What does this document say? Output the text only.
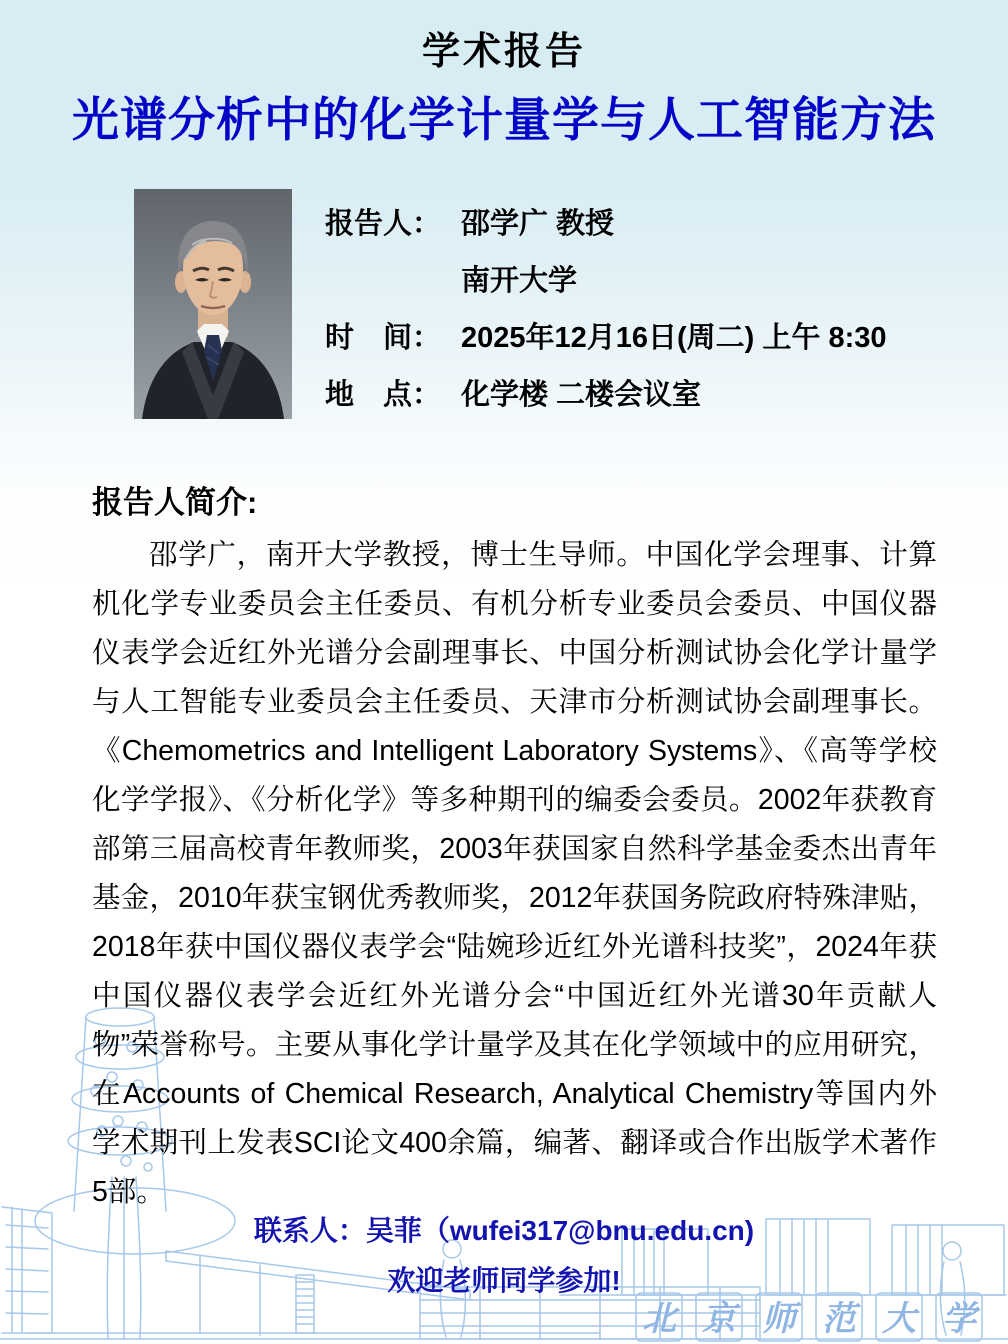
北 京 师 范 大 学
学术报告
光谱分析中的化学计量学与人工智能方法
报告人： 邵学广 教授
南开大学
时　间： 2025年12月16日(周二) 上午 8:30
地　点： 化学楼 二楼会议室
报告人简介:

邵学广，南开大学教授，博士生导师。中国化学会理事、计算机化学专业委员会主任委员、有机分析专业委员会委员、中国仪器仪表学会近红外光谱分会副理事长、中国分析测试协会化学计量学与人工智能专业委员会主任委员、天津市分析测试协会副理事长。《Chemometrics and Intelligent Laboratory Systems》、《高等学校化学学报》、《分析化学》等多种期刊的编委会委员。2002年获教育部第三届高校青年教师奖，2003年获国家自然科学基金委杰出青年基金，2010年获宝钢优秀教师奖，2012年获国务院政府特殊津贴，2018年获中国仪器仪表学会“陆婉珍近红外光谱科技奖”，2024年获中国仪器仪表学会近红外光谱分会“中国近红外光谱30年贡献人物”荣誉称号。主要从事化学计量学及其在化学领域中的应用研究，在Accounts of Chemical Research, Analytical Chemistry等国内外学术期刊上发表SCI论文400余篇，编著、翻译或合作出版学术著作5部。

联系人：吴菲（wufei317@bnu.edu.cn)
欢迎老师同学参加!
